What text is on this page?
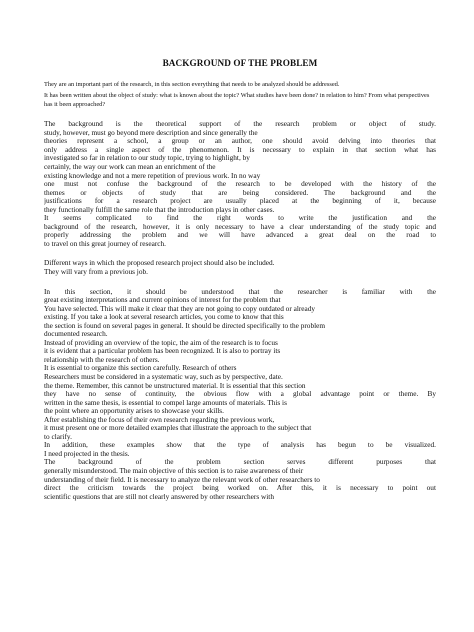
BACKGROUND OF THE PROBLEM

They are an important part of the research, in this section everything that needs to be analyzed should be addressed.

It has been written about the object of study: what is known about the topic? What studies have been done? in relation to him? From what perspectives has it been approached?

The background is the theoretical support of the research problem or object of study.
study, however, must go beyond mere description and since generally the
theories represent a school, a group or an author, one should avoid delving into theories that
only address a single aspect of the phenomenon. It is necessary to explain in that section what has
investigated so far in relation to our study topic, trying to highlight, by
certainly, the way our work can mean an enrichment of the
existing knowledge and not a mere repetition of previous work. In no way
one must not confuse the background of the research to be developed with the history of the
themes or objects of study that are being considered. The background and the
justifications for a research project are usually placed at the beginning of it, because
they functionally fulfill the same role that the introduction plays in other cases.
It seems complicated to find the right words to write the justification and the
background of the research, however, it is only necessary to have a clear understanding of the study topic and
properly addressing the problem and we will have advanced a great deal on the road to
to travel on this great journey of research.
Different ways in which the proposed research project should also be included.
They will vary from a previous job.
In this section, it should be understood that the researcher is familiar with the
great existing interpretations and current opinions of interest for the problem that
You have selected. This will make it clear that they are not going to copy outdated or already
existing. If you take a look at several research articles, you come to know that this
the section is found on several pages in general. It should be directed specifically to the problem
documented research.
Instead of providing an overview of the topic, the aim of the research is to focus
it is evident that a particular problem has been recognized. It is also to portray its
relationship with the research of others.
It is essential to organize this section carefully. Research of others
Researchers must be considered in a systematic way, such as by perspective, date.
the theme. Remember, this cannot be unstructured material. It is essential that this section
they have no sense of continuity, the obvious flow with a global advantage point or theme. By
written in the same thesis, is essential to compel large amounts of materials. This is
the point where an opportunity arises to showcase your skills.
After establishing the focus of their own research regarding the previous work,
it must present one or more detailed examples that illustrate the approach to the subject that
to clarify.
In addition, these examples show that the type of analysis has begun to be visualized.
I need projected in the thesis.
The background of the problem section serves different purposes that
generally misunderstood. The main objective of this section is to raise awareness of their
understanding of their field. It is necessary to analyze the relevant work of other researchers to
direct the criticism towards the project being worked on. After this, it is necessary to point out
scientific questions that are still not clearly answered by other researchers with
